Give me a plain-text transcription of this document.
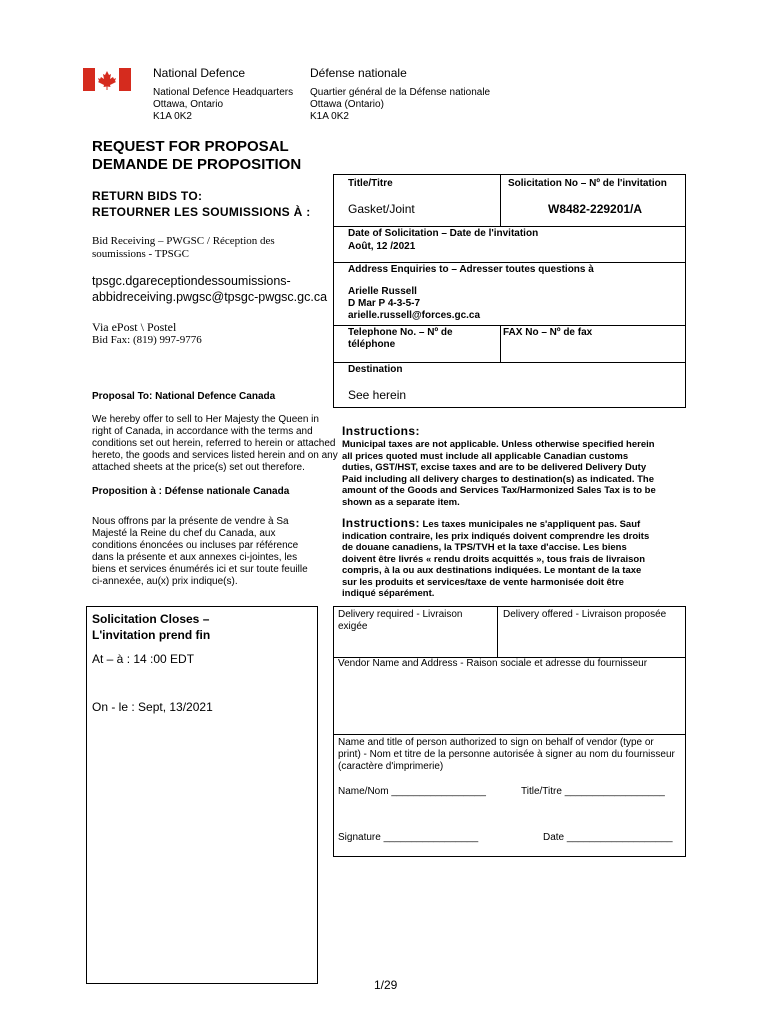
National Defence	Défense nationale
National Defence Headquarters
Ottawa, Ontario
K1A 0K2
Quartier général de la Défense nationale
Ottawa (Ontario)
K1A 0K2
REQUEST FOR PROPOSAL
DEMANDE DE PROPOSITION
RETURN BIDS TO:
RETOURNER LES SOUMISSIONS À :
Bid Receiving – PWGSC / Réception des
soumissions - TPSGC
tpsgc.dgareceptiondessoumissions-
abbidreceiving.pwgsc@tpsgc-pwgsc.gc.ca
Via ePost \ Postel
Bid Fax: (819) 997-9776
Proposal To: National Defence Canada
We hereby offer to sell to Her Majesty the Queen in
right of Canada, in accordance with the terms and
conditions set out herein, referred to herein or attached
hereto, the goods and services listed herein and on any
attached sheets at the price(s) set out therefore.
Proposition à : Défense nationale Canada
Nous offrons par la présente de vendre à Sa
Majesté la Reine du chef du Canada, aux
conditions énoncées ou incluses par référence
dans la présente et aux annexes ci-jointes, les
biens et services énumérés ici et sur toute feuille
ci-annexée, au(x) prix indique(s).
Solicitation Closes –
L'invitation prend fin
At – à : 14 :00 EDT
On - le : Sept, 13/2021
Title/Titre
Gasket/Joint
Solicitation No – Nº de l'invitation
W8482-229201/A
Date of Solicitation – Date de l'invitation
Août, 12 /2021
Address Enquiries to – Adresser toutes questions à
Arielle Russell
D Mar P 4-3-5-7
arielle.russell@forces.gc.ca
Telephone No. – Nº de
téléphone
FAX No – Nº de fax
Destination
See herein
Instructions:
Municipal taxes are not applicable. Unless otherwise specified herein
all prices quoted must include all applicable Canadian customs
duties, GST/HST, excise taxes and are to be delivered Delivery Duty
Paid including all delivery charges to destination(s) as indicated. The
amount of the Goods and Services Tax/Harmonized Sales Tax is to be
shown as a separate item.
Instructions: Les taxes municipales ne s'appliquent pas. Sauf
indication contraire, les prix indiqués doivent comprendre les droits
de douane canadiens, la TPS/TVH et la taxe d'accise. Les biens
doivent être livrés « rendu droits acquittés », tous frais de livraison
compris, à la ou aux destinations indiquées. Le montant de la taxe
sur les produits et services/taxe de vente harmonisée doit être
indiqué séparément.
Delivery required - Livraison
exigée
Delivery offered - Livraison proposée
Vendor Name and Address - Raison sociale et adresse du fournisseur
Name and title of person authorized to sign on behalf of vendor (type or
print) - Nom et titre de la personne autorisée à signer au nom du fournisseur
(caractère d'imprimerie)
Name/Nom _________________	Title/Titre __________________
Signature _________________	Date ___________________
1/29
